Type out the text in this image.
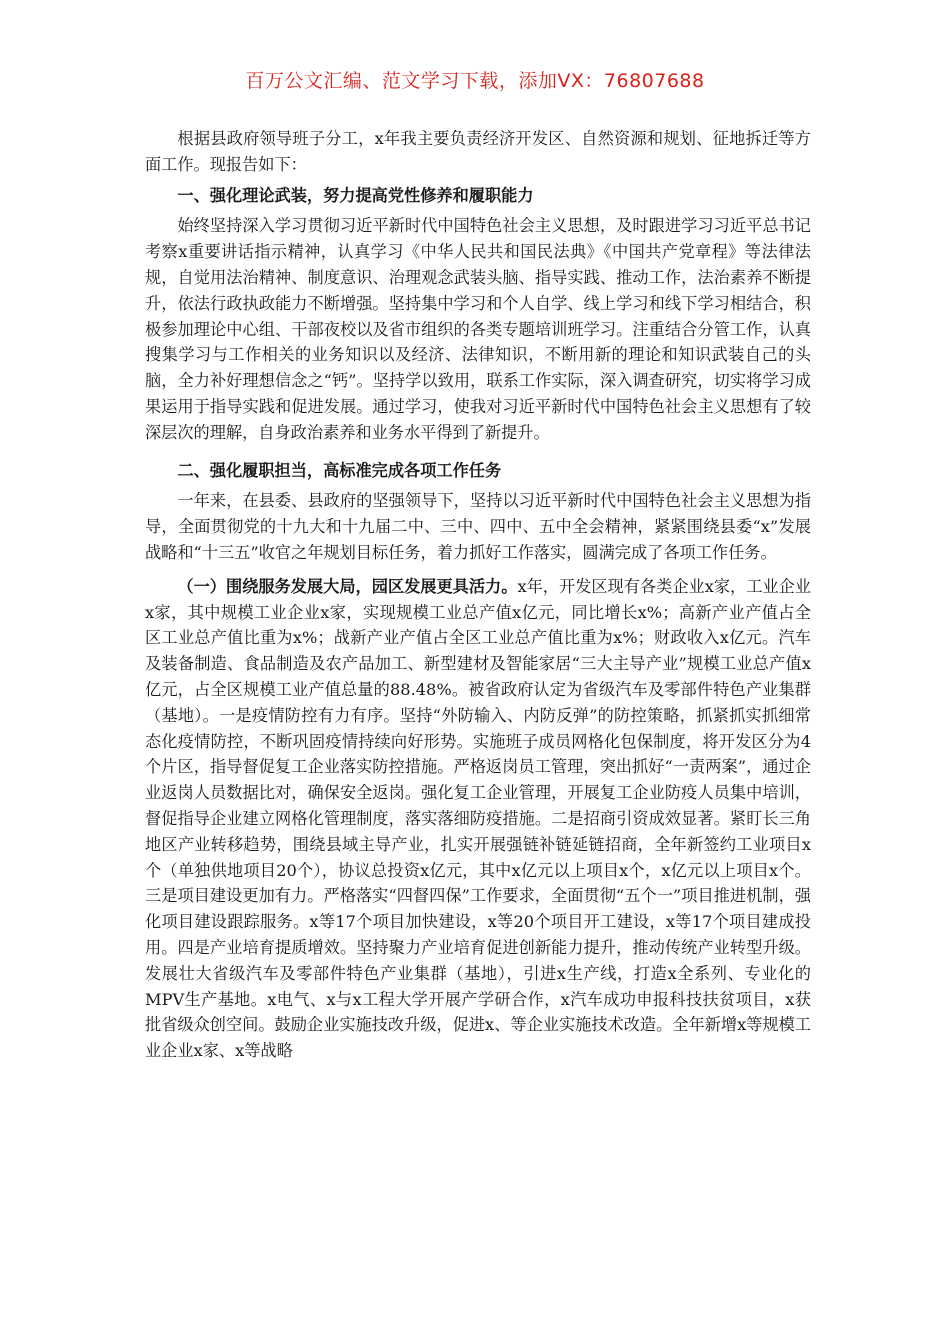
百万公文汇编、范文学习下载，添加VX：76807688

根据县政府领导班子分工，x年我主要负责经济开发区、自然资源和规划、征地拆迁等方面工作。现报告如下：

一、强化理论武装，努力提高党性修养和履职能力

始终坚持深入学习贯彻习近平新时代中国特色社会主义思想，及时跟进学习习近平总书记考察x重要讲话指示精神，认真学习《中华人民共和国民法典》《中国共产党章程》等法律法规，自觉用法治精神、制度意识、治理观念武装头脑、指导实践、推动工作，法治素养不断提升，依法行政执政能力不断增强。坚持集中学习和个人自学、线上学习和线下学习相结合，积极参加理论中心组、干部夜校以及省市组织的各类专题培训班学习。注重结合分管工作，认真搜集学习与工作相关的业务知识以及经济、法律知识，不断用新的理论和知识武装自己的头脑，全力补好理想信念之“钙”。坚持学以致用，联系工作实际，深入调查研究，切实将学习成果运用于指导实践和促进发展。通过学习，使我对习近平新时代中国特色社会主义思想有了较深层次的理解，自身政治素养和业务水平得到了新提升。

二、强化履职担当，高标准完成各项工作任务

一年来，在县委、县政府的坚强领导下，坚持以习近平新时代中国特色社会主义思想为指导，全面贯彻党的十九大和十九届二中、三中、四中、五中全会精神，紧紧围绕县委“x”发展战略和“十三五”收官之年规划目标任务，着力抓好工作落实，圆满完成了各项工作任务。

（一）围绕服务发展大局，园区发展更具活力。x年，开发区现有各类企业x家，工业企业x家，其中规模工业企业x家，实现规模工业总产值x亿元，同比增长x%；高新产业产值占全区工业总产值比重为x%；战新产业产值占全区工业总产值比重为x%；财政收入x亿元。汽车及装备制造、食品制造及农产品加工、新型建材及智能家居“三大主导产业”规模工业总产值x亿元，占全区规模工业产值总量的88.48%。被省政府认定为省级汽车及零部件特色产业集群（基地）。一是疫情防控有力有序。坚持“外防输入、内防反弹”的防控策略，抓紧抓实抓细常态化疫情防控，不断巩固疫情持续向好形势。实施班子成员网格化包保制度，将开发区分为4个片区，指导督促复工企业落实防控措施。严格返岗员工管理，突出抓好“一责两案”，通过企业返岗人员数据比对，确保安全返岗。强化复工企业管理，开展复工企业防疫人员集中培训，督促指导企业建立网格化管理制度，落实落细防疫措施。二是招商引资成效显著。紧盯长三角地区产业转移趋势，围绕县域主导产业，扎实开展强链补链延链招商，全年新签约工业项目x个（单独供地项目20个），协议总投资x亿元，其中x亿元以上项目x个，x亿元以上项目x个。三是项目建设更加有力。严格落实“四督四保”工作要求，全面贯彻“五个一”项目推进机制，强化项目建设跟踪服务。x等17个项目加快建设，x等20个项目开工建设，x等17个项目建成投用。四是产业培育提质增效。坚持聚力产业培育促进创新能力提升，推动传统产业转型升级。发展壮大省级汽车及零部件特色产业集群（基地），引进x生产线，打造x全系列、专业化的MPV生产基地。x电气、x与x工程大学开展产学研合作，x汽车成功申报科技扶贫项目，x获批省级众创空间。鼓励企业实施技改升级，促进x、等企业实施技术改造。全年新增x等规模工业企业x家、x等战略
